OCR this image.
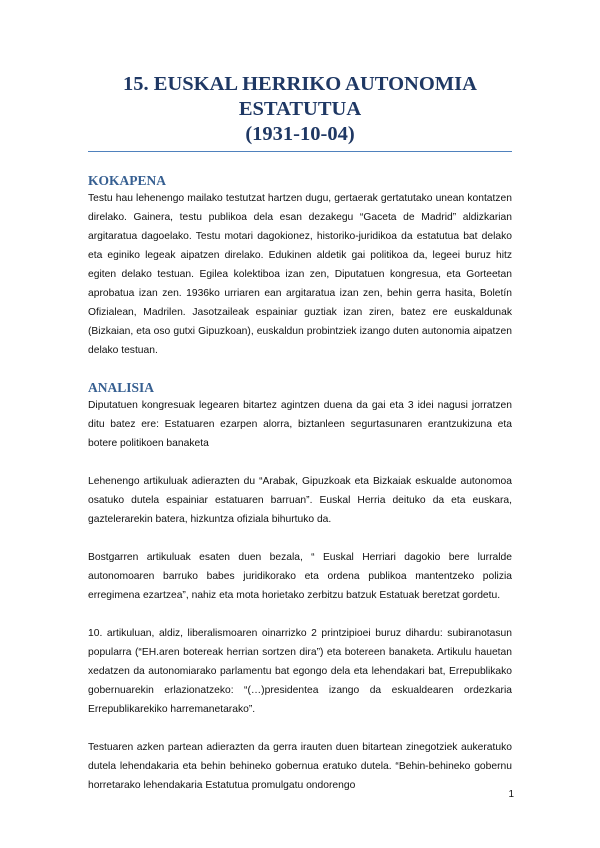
15. EUSKAL HERRIKO AUTONOMIA
ESTATUTUA
(1931-10-04)
KOKAPENA

Testu hau lehenengo mailako testutzat hartzen dugu, gertaerak gertatutako unean kontatzen direlako. Gainera, testu publikoa dela esan dezakegu “Gaceta de Madrid” aldizkarian argitaratua dagoelako. Testu motari dagokionez, historiko-juridikoa da estatutua bat delako eta eginiko legeak aipatzen direlako. Edukinen aldetik gai politikoa da, legeei buruz hitz egiten delako testuan. Egilea kolektiboa izan zen, Diputatuen kongresua, eta Gorteetan aprobatua izan zen. 1936ko urriaren ean argitaratua izan zen, behin gerra hasita, Boletín Ofizialean, Madrilen. Jasotzaileak espainiar guztiak izan ziren, batez ere euskaldunak (Bizkaian, eta oso gutxi Gipuzkoan), euskaldun probintziek izango duten autonomia aipatzen delako testuan.

ANALISIA

Diputatuen kongresuak legearen bitartez agintzen duena da gai eta 3 idei nagusi jorratzen ditu batez ere: Estatuaren ezarpen alorra, biztanleen segurtasunaren erantzukizuna eta botere politikoen banaketa

Lehenengo artikuluak adierazten du “Arabak, Gipuzkoak eta Bizkaiak eskualde autonomoa osatuko dutela espainiar estatuaren barruan”. Euskal Herria deituko da eta euskara, gaztelerarekin batera, hizkuntza ofiziala bihurtuko da.

Bostgarren artikuluak esaten duen bezala, “ Euskal Herriari dagokio bere lurralde autonomoaren barruko babes juridikorako eta ordena publikoa mantentzeko polizia erregimena ezartzea”, nahiz eta mota horietako zerbitzu batzuk Estatuak beretzat gordetu.

10. artikuluan, aldiz, liberalismoaren oinarrizko 2 printzipioei buruz dihardu: subiranotasun popularra (“EH.aren botereak herrian sortzen dira”) eta botereen banaketa. Artikulu hauetan xedatzen da autonomiarako parlamentu bat egongo dela eta lehendakari bat, Errepublikako gobernuarekin erlazionatzeko: “(…)presidentea izango da eskualdearen ordezkaria Errepublikarekiko harremanetarako”.

Testuaren azken partean adierazten da gerra irauten duen bitartean zinegotziek aukeratuko dutela lehendakaria eta behin behineko gobernua eratuko dutela. “Behin-behineko gobernu horretarako lehendakaria Estatutua promulgatu ondorengo

1
